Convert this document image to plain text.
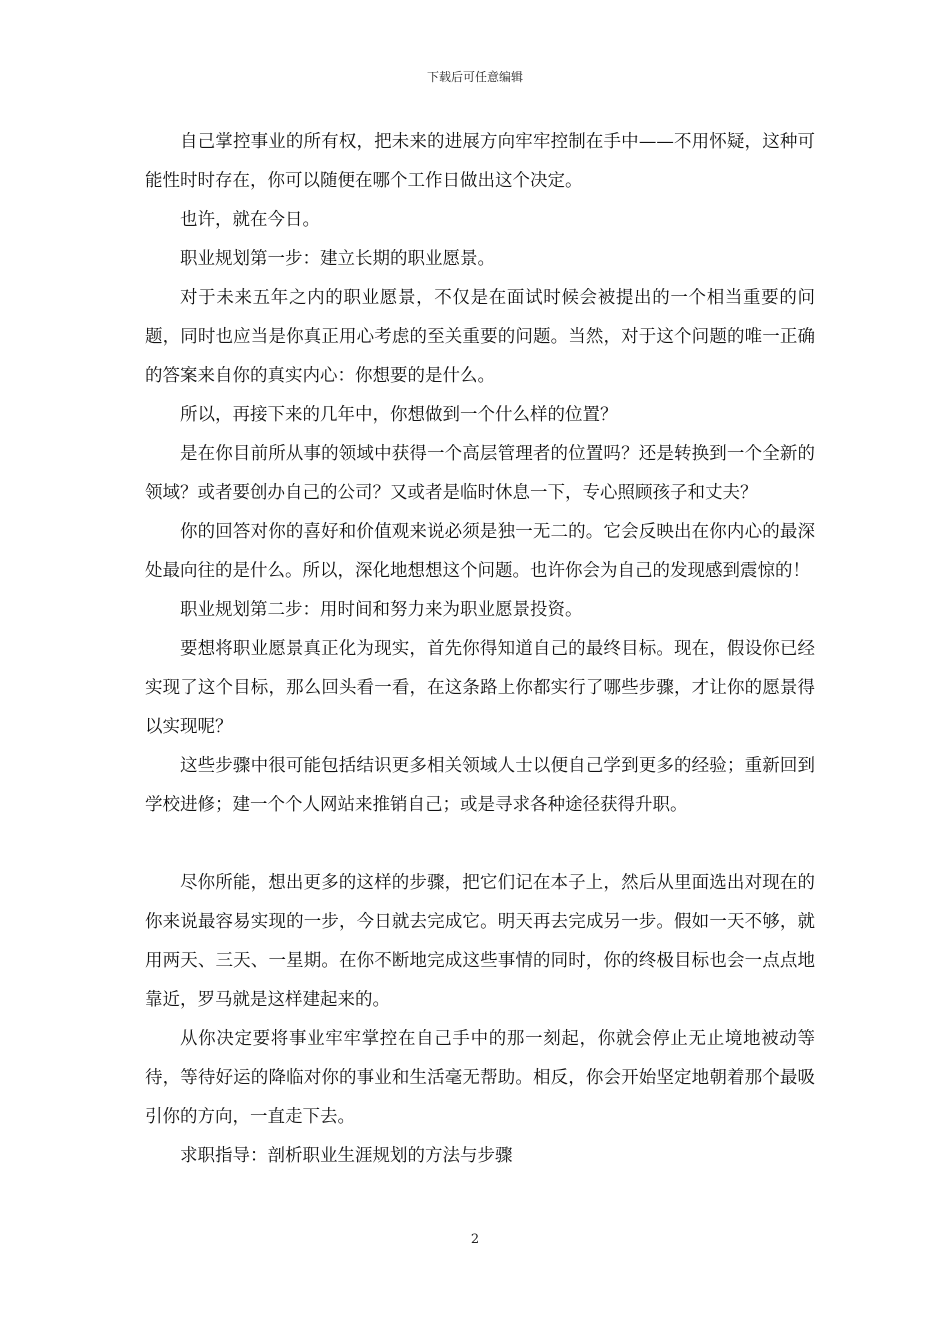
下载后可任意编辑

自己掌控事业的所有权，把未来的进展方向牢牢控制在手中——不用怀疑，这种可能性时时存在，你可以随便在哪个工作日做出这个决定。

也许，就在今日。

职业规划第一步：建立长期的职业愿景。

对于未来五年之内的职业愿景，不仅是在面试时候会被提出的一个相当重要的问题，同时也应当是你真正用心考虑的至关重要的问题。当然，对于这个问题的唯一正确的答案来自你的真实内心：你想要的是什么。

所以，再接下来的几年中，你想做到一个什么样的位置？

是在你目前所从事的领域中获得一个高层管理者的位置吗？还是转换到一个全新的领域？或者要创办自己的公司？又或者是临时休息一下，专心照顾孩子和丈夫？

你的回答对你的喜好和价值观来说必须是独一无二的。它会反映出在你内心的最深处最向往的是什么。所以，深化地想想这个问题。也许你会为自己的发现感到震惊的！

职业规划第二步：用时间和努力来为职业愿景投资。

要想将职业愿景真正化为现实，首先你得知道自己的最终目标。现在，假设你已经实现了这个目标，那么回头看一看，在这条路上你都实行了哪些步骤，才让你的愿景得以实现呢？

这些步骤中很可能包括结识更多相关领域人士以便自己学到更多的经验；重新回到学校进修；建一个个人网站来推销自己；或是寻求各种途径获得升职。

尽你所能，想出更多的这样的步骤，把它们记在本子上，然后从里面选出对现在的你来说最容易实现的一步，今日就去完成它。明天再去完成另一步。假如一天不够，就用两天、三天、一星期。在你不断地完成这些事情的同时，你的终极目标也会一点点地靠近，罗马就是这样建起来的。

从你决定要将事业牢牢掌控在自己手中的那一刻起，你就会停止无止境地被动等待，等待好运的降临对你的事业和生活毫无帮助。相反，你会开始坚定地朝着那个最吸引你的方向，一直走下去。

求职指导：剖析职业生涯规划的方法与步骤

2
